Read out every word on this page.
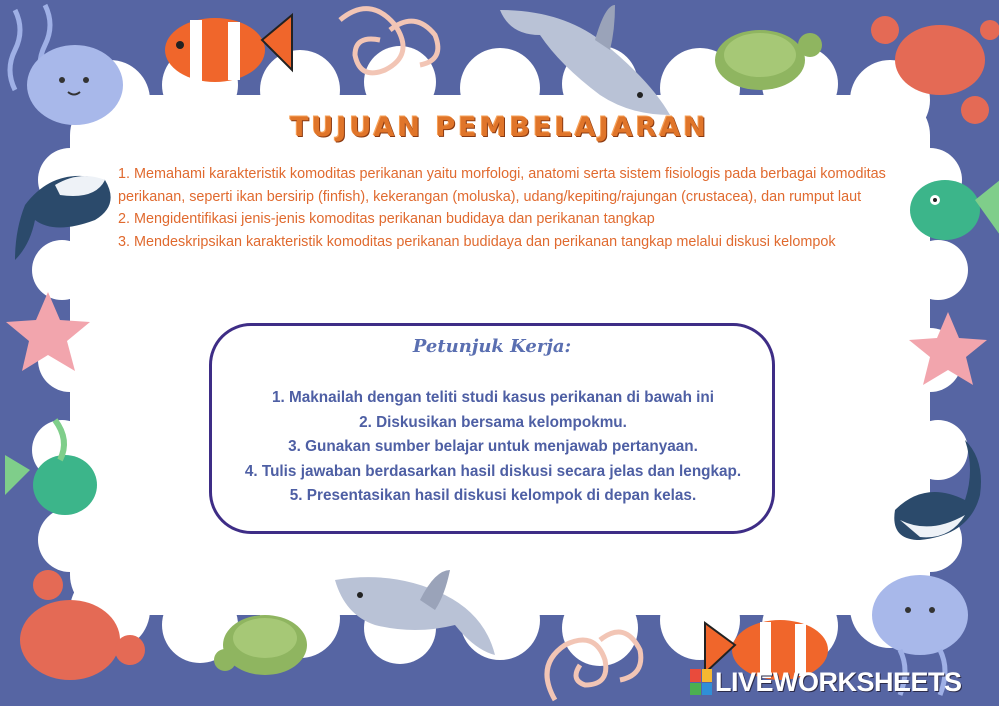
TUJUAN PEMBELAJARAN
1. Memahami karakteristik komoditas perikanan yaitu morfologi, anatomi serta sistem fisiologis pada berbagai komoditas perikanan, seperti ikan bersirip (finfish), kekerangan (moluska), udang/kepiting/rajungan (crustacea), dan rumput laut
2. Mengidentifikasi jenis-jenis komoditas perikanan budidaya dan perikanan tangkap
3. Mendeskripsikan karakteristik komoditas perikanan budidaya dan perikanan tangkap melalui diskusi kelompok
Petunjuk Kerja:
1. Maknailah dengan teliti studi kasus perikanan di bawah ini
2. Diskusikan bersama kelompokmu.
3. Gunakan sumber belajar untuk menjawab pertanyaan.
4. Tulis jawaban berdasarkan hasil diskusi secara jelas dan lengkap.
5. Presentasikan hasil diskusi kelompok di depan kelas.
LIVEWORKSHEETS
